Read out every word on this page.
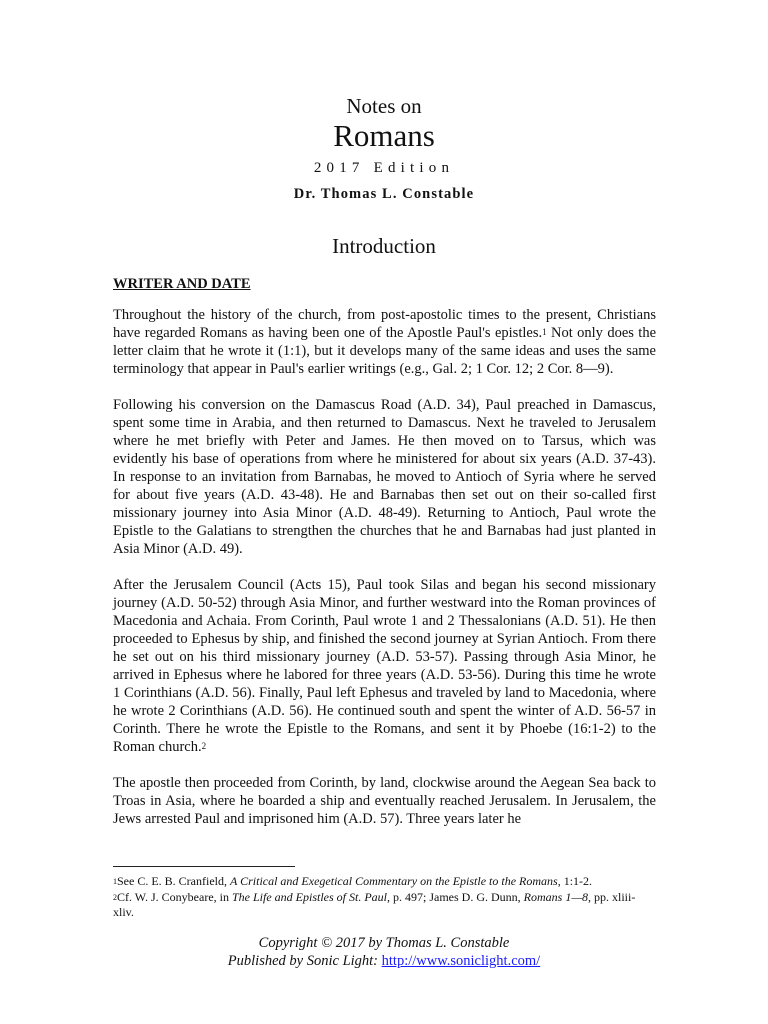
Notes on
Romans
2017 Edition
Dr. Thomas L. Constable
Introduction
WRITER AND DATE

Throughout the history of the church, from post-apostolic times to the present, Christians have regarded Romans as having been one of the Apostle Paul's epistles.$^1$ Not only does the letter claim that he wrote it (1:1), but it develops many of the same ideas and uses the same terminology that appear in Paul's earlier writings (e.g., Gal. 2; 1 Cor. 12; 2 Cor. 8—9).

Following his conversion on the Damascus Road (A.D. 34), Paul preached in Damascus, spent some time in Arabia, and then returned to Damascus. Next he traveled to Jerusalem where he met briefly with Peter and James. He then moved on to Tarsus, which was evidently his base of operations from where he ministered for about six years (A.D. 37-43). In response to an invitation from Barnabas, he moved to Antioch of Syria where he served for about five years (A.D. 43-48). He and Barnabas then set out on their so-called first missionary journey into Asia Minor (A.D. 48-49). Returning to Antioch, Paul wrote the Epistle to the Galatians to strengthen the churches that he and Barnabas had just planted in Asia Minor (A.D. 49).

After the Jerusalem Council (Acts 15), Paul took Silas and began his second missionary journey (A.D. 50-52) through Asia Minor, and further westward into the Roman provinces of Macedonia and Achaia. From Corinth, Paul wrote 1 and 2 Thessalonians (A.D. 51). He then proceeded to Ephesus by ship, and finished the second journey at Syrian Antioch. From there he set out on his third missionary journey (A.D. 53-57). Passing through Asia Minor, he arrived in Ephesus where he labored for three years (A.D. 53-56). During this time he wrote 1 Corinthians (A.D. 56). Finally, Paul left Ephesus and traveled by land to Macedonia, where he wrote 2 Corinthians (A.D. 56). He continued south and spent the winter of A.D. 56-57 in Corinth. There he wrote the Epistle to the Romans, and sent it by Phoebe (16:1-2) to the Roman church.$^2$

The apostle then proceeded from Corinth, by land, clockwise around the Aegean Sea back to Troas in Asia, where he boarded a ship and eventually reached Jerusalem. In Jerusalem, the Jews arrested Paul and imprisoned him (A.D. 57). Three years later he

$^1$See C. E. B. Cranfield, A Critical and Exegetical Commentary on the Epistle to the Romans, 1:1-2.

$^2$Cf. W. J. Conybeare, in The Life and Epistles of St. Paul, p. 497; James D. G. Dunn, Romans 1—8, pp. xliii-xliv.

Copyright © 2017 by Thomas L. Constable
Published by Sonic Light: http://www.soniclight.com/
